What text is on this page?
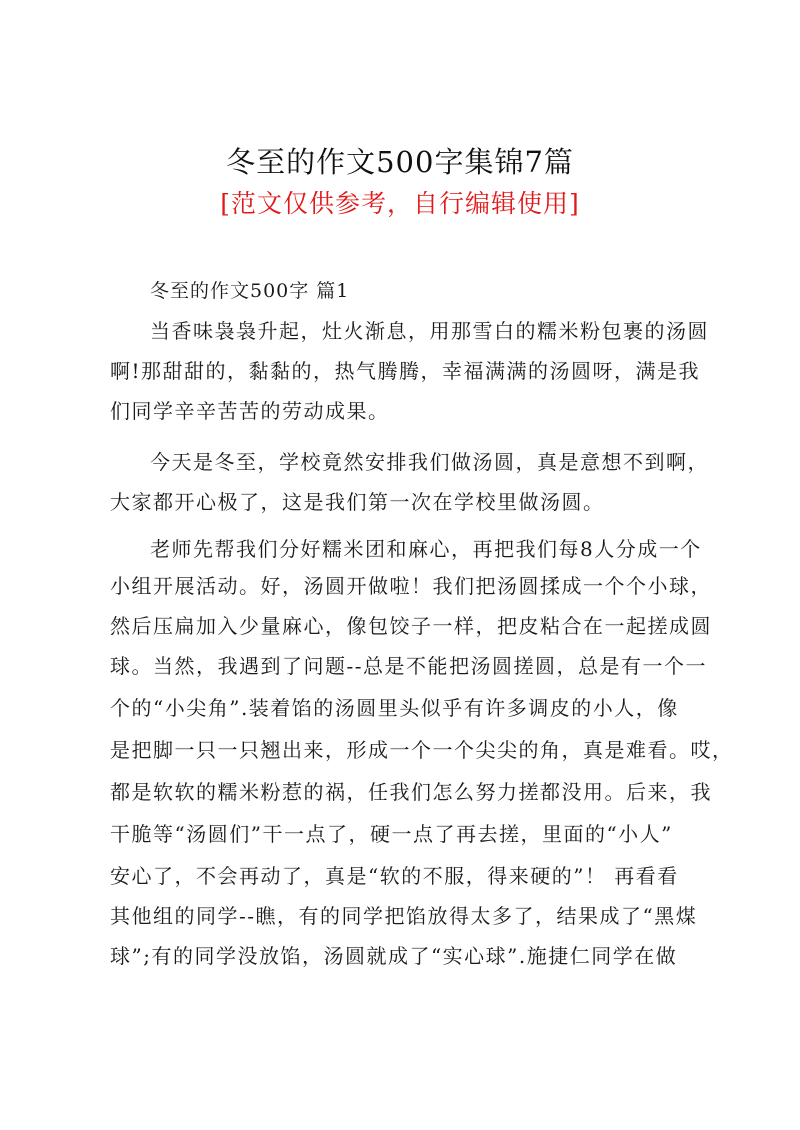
冬至的作文500字集锦7篇
[范文仅供参考，自行编辑使用]
冬至的作文500字 篇1
当香味袅袅升起，灶火渐息，用那雪白的糯米粉包裹的汤圆
啊!那甜甜的，黏黏的，热气腾腾，幸福满满的汤圆呀，满是我
们同学辛辛苦苦的劳动成果。
今天是冬至，学校竟然安排我们做汤圆，真是意想不到啊，
大家都开心极了，这是我们第一次在学校里做汤圆。
老师先帮我们分好糯米团和麻心，再把我们每8人分成一个
小组开展活动。好，汤圆开做啦！我们把汤圆揉成一个个小球，
然后压扁加入少量麻心，像包饺子一样，把皮粘合在一起搓成圆
球。当然，我遇到了问题--总是不能把汤圆搓圆，总是有一个一
个的“小尖角”.装着馅的汤圆里头似乎有许多调皮的小人，像
是把脚一只一只翘出来，形成一个一个尖尖的角，真是难看。哎，
都是软软的糯米粉惹的祸，任我们怎么努力搓都没用。后来，我
干脆等“汤圆们”干一点了，硬一点了再去搓，里面的“小人”
安心了，不会再动了，真是“软的不服，得来硬的”！ 再看看
其他组的同学--瞧，有的同学把馅放得太多了，结果成了“黑煤
球”;有的同学没放馅，汤圆就成了“实心球”.施捷仁同学在做
